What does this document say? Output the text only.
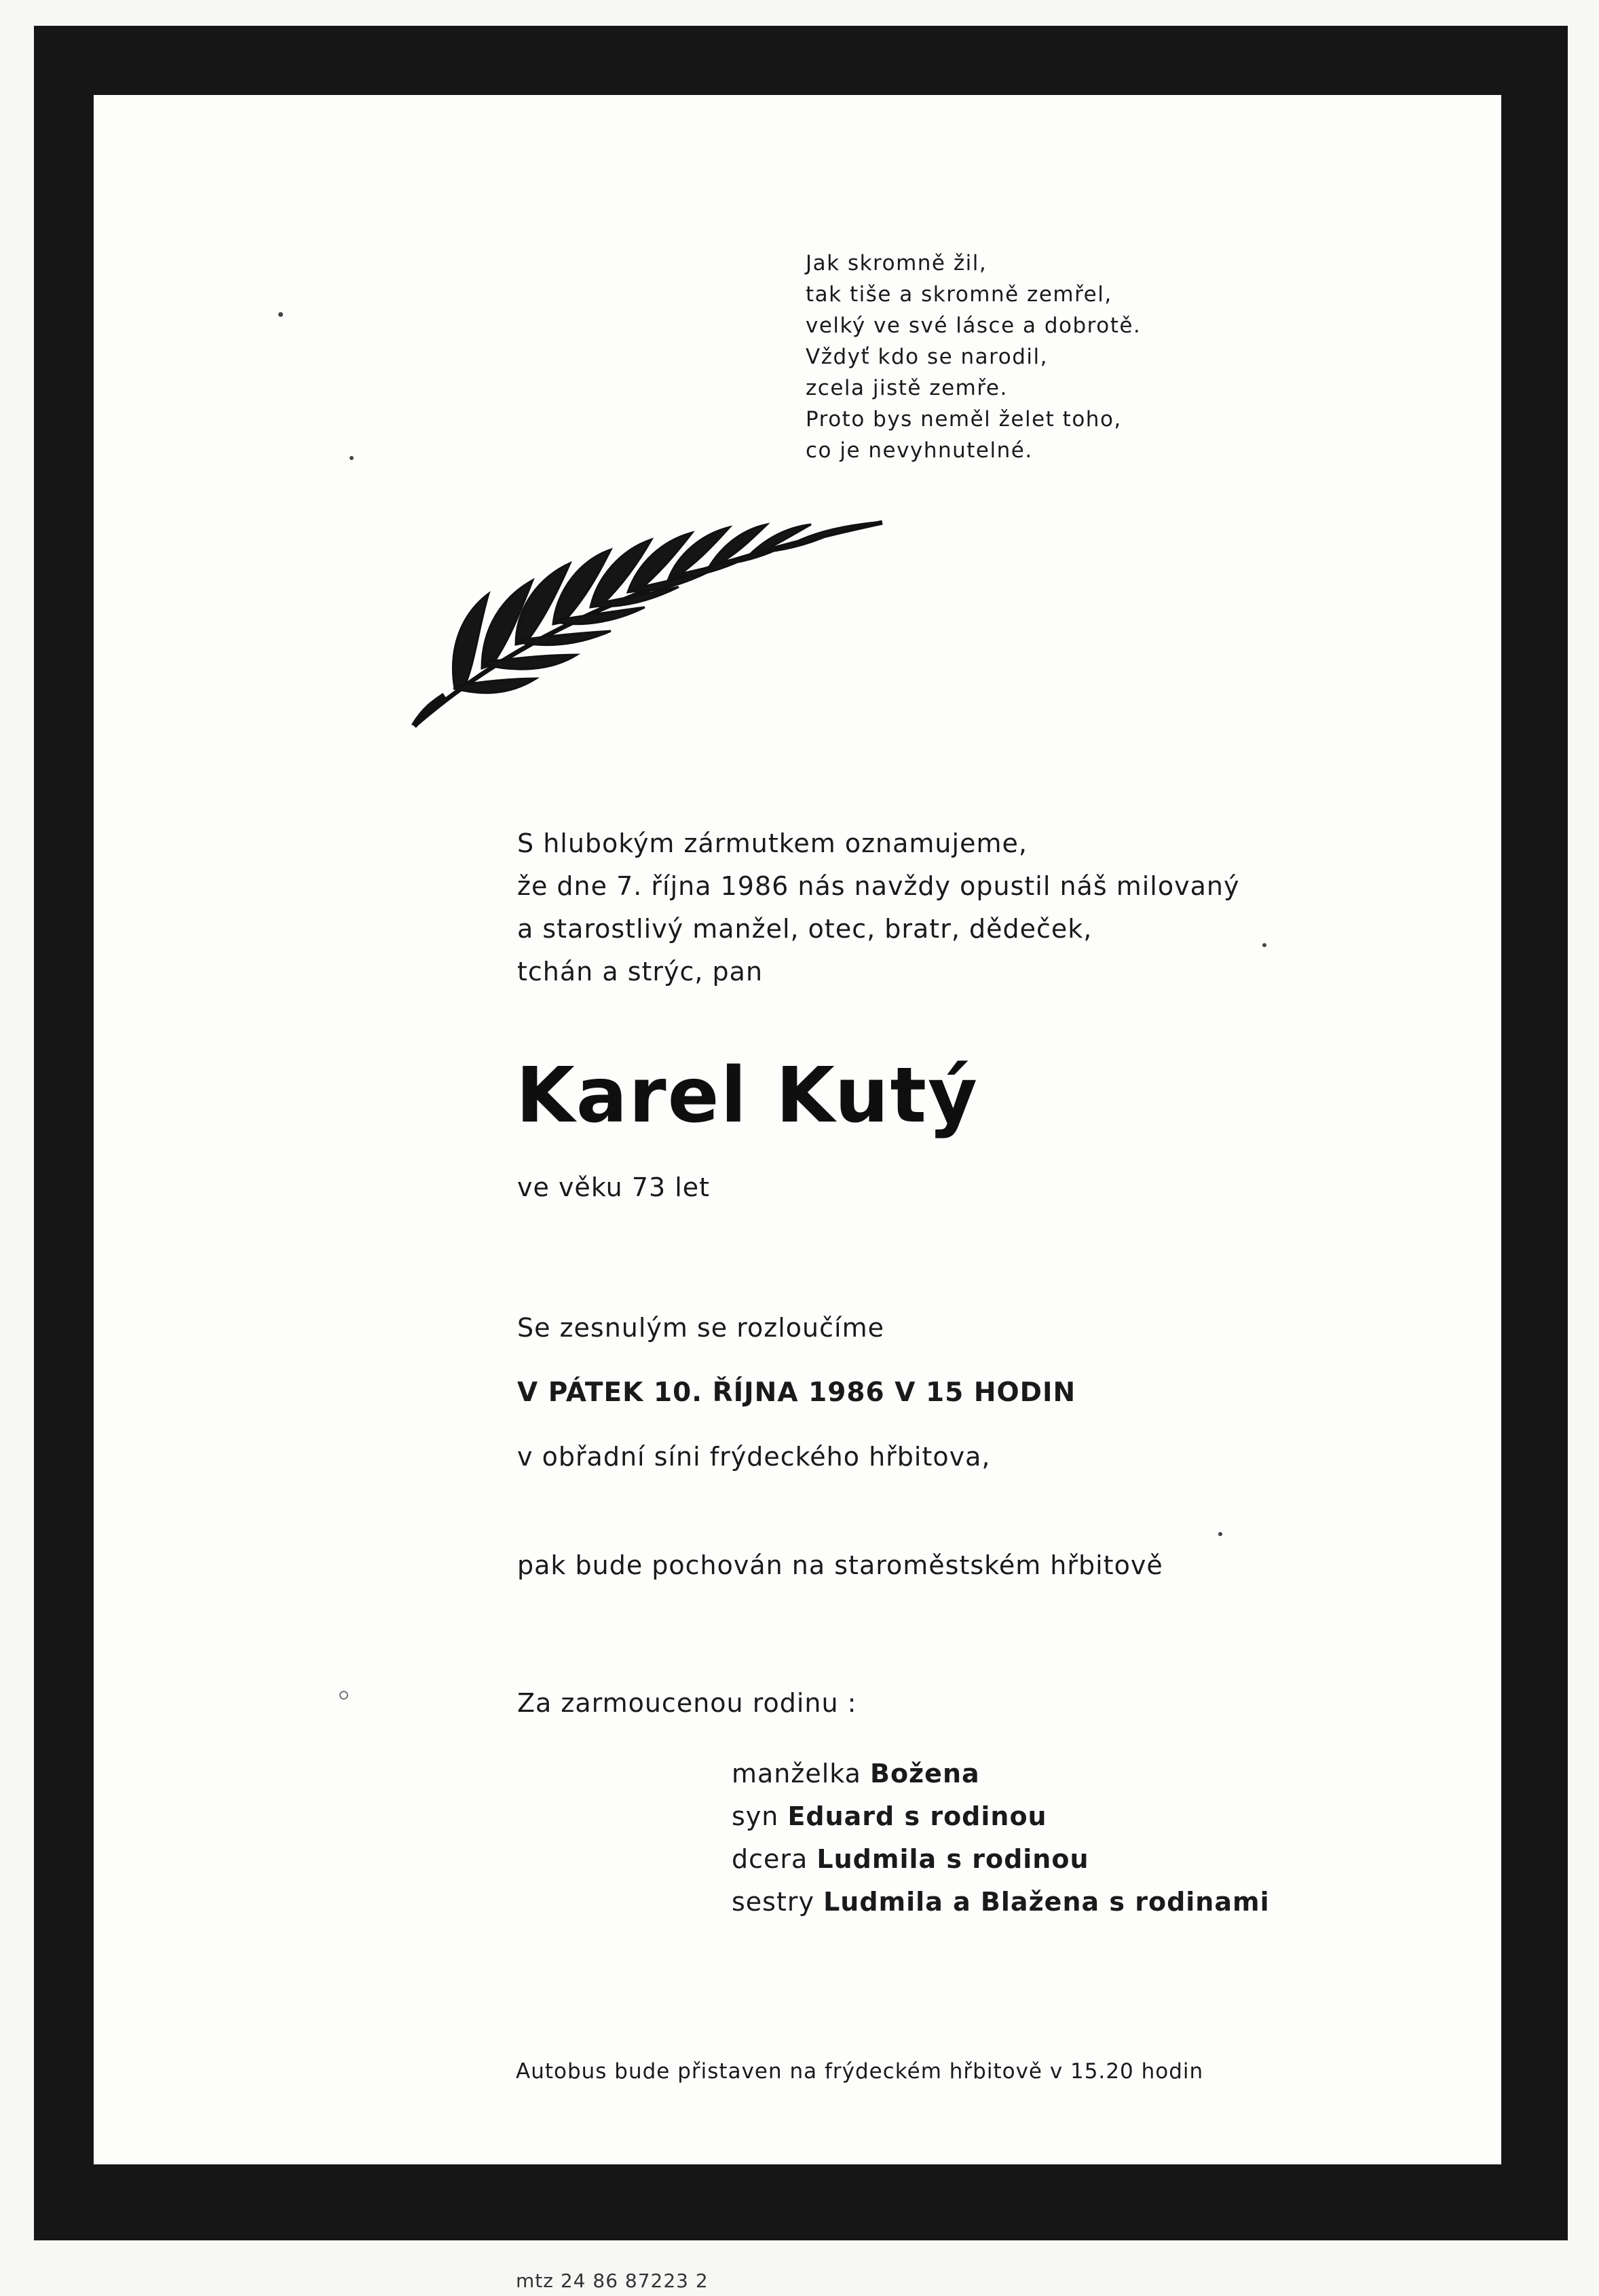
Jak skromně žil,
tak tiše a skromně zemřel,
velký ve své lásce a dobrotě.
Vždyť kdo se narodil,
zcela jistě zemře.
Proto bys neměl želet toho,
co je nevyhnutelné.
S hlubokým zármutkem oznamujeme,
že dne 7. října 1986 nás navždy opustil náš milovaný
a starostlivý manžel, otec, bratr, dědeček,
tchán a strýc, pan
Karel Kutý
ve věku 73 let
Se zesnulým se rozloučíme
V PÁTEK 10. ŘÍJNA 1986 V 15 HODIN
v obřadní síni frýdeckého hřbitova,
pak bude pochován na staroměstském hřbitově
Za zarmoucenou rodinu :
manželka Božena
syn Eduard s rodinou
dcera Ludmila s rodinou
sestry Ludmila a Blažena s rodinami
Autobus bude přistaven na frýdeckém hřbitově v 15.20 hodin
mtz 24 86 87223 2
